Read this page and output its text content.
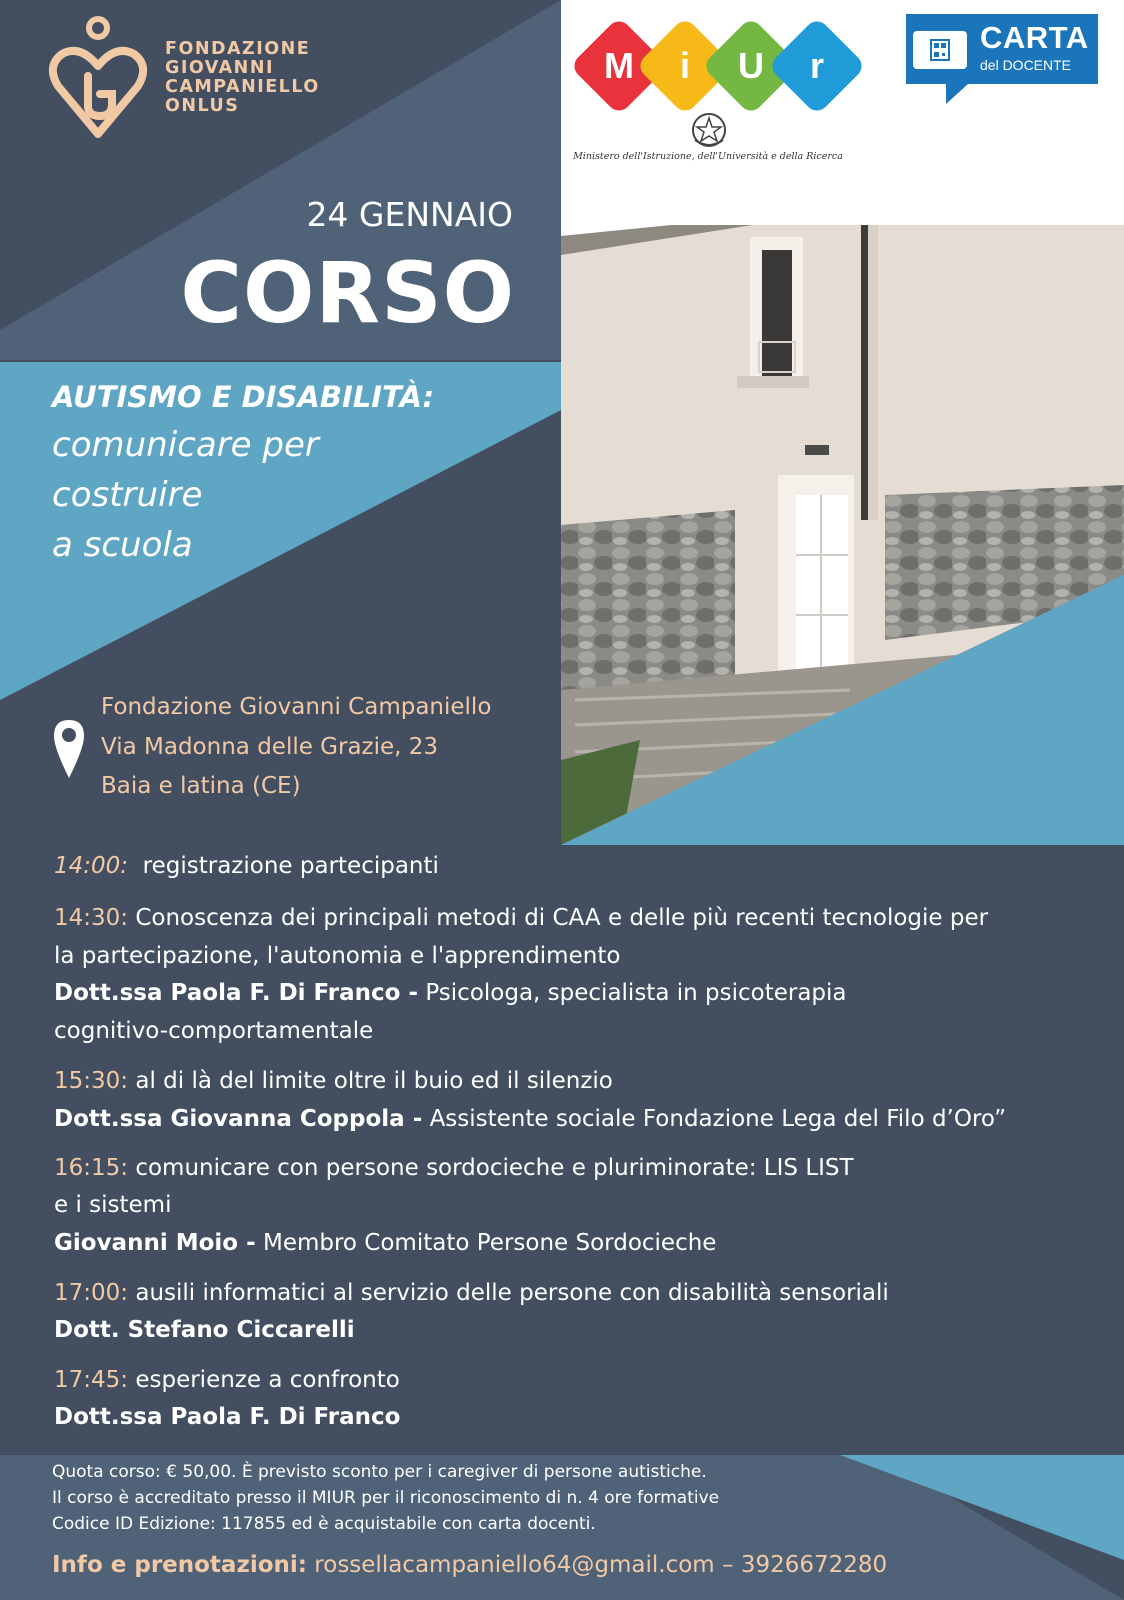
M	i	U	r
Ministero dell'Istruzione, dell'Università e della Ricerca
CARTA
del DOCENTE
FONDAZIONE
GIOVANNI
CAMPANIELLO
ONLUS
24 GENNAIO
CORSO
AUTISMO E DISABILITÀ:
comunicare per
costruire
a scuola
Fondazione Giovanni Campaniello
Via Madonna delle Grazie, 23
Baia e latina (CE)
14:00: registrazione partecipanti
14:30: Conoscenza dei principali metodi di CAA e delle più recenti tecnologie per
la partecipazione, l'autonomia e l'apprendimento
Dott.ssa Paola F. Di Franco - Psicologa, specialista in psicoterapia
cognitivo-comportamentale
15:30: al di là del limite oltre il buio ed il silenzio
Dott.ssa Giovanna Coppola - Assistente sociale Fondazione Lega del Filo d’Oro”
16:15: comunicare con persone sordocieche e pluriminorate: LIS LIST
e i sistemi
Giovanni Moio - Membro Comitato Persone Sordocieche
17:00: ausili informatici al servizio delle persone con disabilità sensoriali
Dott. Stefano Ciccarelli
17:45: esperienze a confronto
Dott.ssa Paola F. Di Franco
Quota corso: € 50,00. È previsto sconto per i caregiver di persone autistiche.
Il corso è accreditato presso il MIUR per il riconoscimento di n. 4 ore formative
Codice ID Edizione: 117855 ed è acquistabile con carta docenti.
Info e prenotazioni: rossellacampaniello64@gmail.com – 3926672280
